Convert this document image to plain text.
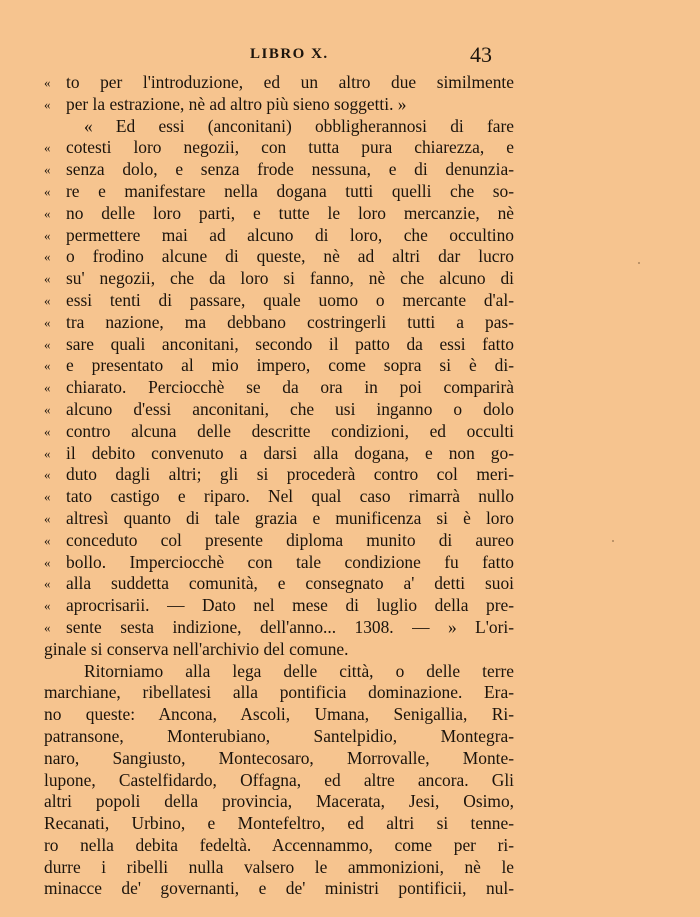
LIBRO X.	43
« to per l'introduzione, ed un altro due similmente
« per la estrazione, nè ad altro più sieno soggetti. »
« Ed essi (anconitani) obbligherannosi di fare
« cotesti loro negozii, con tutta pura chiarezza, e
« senza dolo, e senza frode nessuna, e di denunzia-
« re e manifestare nella dogana tutti quelli che so-
« no delle loro parti, e tutte le loro mercanzie, nè
« permettere mai ad alcuno di loro, che occultino
« o frodino alcune di queste, nè ad altri dar lucro
« su' negozii, che da loro si fanno, nè che alcuno di
« essi tenti di passare, quale uomo o mercante d'al-
« tra nazione, ma debbano costringerli tutti a pas-
« sare quali anconitani, secondo il patto da essi fatto
« e presentato al mio impero, come sopra si è di-
« chiarato. Perciocchè se da ora in poi comparirà
« alcuno d'essi anconitani, che usi inganno o dolo
« contro alcuna delle descritte condizioni, ed occulti
« il debito convenuto a darsi alla dogana, e non go-
« duto dagli altri; gli si procederà contro col meri-
« tato castigo e riparo. Nel qual caso rimarrà nullo
« altresì quanto di tale grazia e munificenza si è loro
« conceduto col presente diploma munito di aureo
« bollo. Imperciocchè con tale condizione fu fatto
« alla suddetta comunità, e consegnato a' detti suoi
« aprocrisarii. — Dato nel mese di luglio della pre-
« sente sesta indizione, dell'anno... 1308. — » L'ori-
ginale si conserva nell'archivio del comune.
Ritorniamo alla lega delle città, o delle terre
marchiane, ribellatesi alla pontificia dominazione. Era-
no queste: Ancona, Ascoli, Umana, Senigallia, Ri-
patransone, Monterubiano, Santelpidio, Montegra-
naro, Sangiusto, Montecosaro, Morrovalle, Monte-
lupone, Castelfidardo, Offagna, ed altre ancora. Gli
altri popoli della provincia, Macerata, Jesi, Osimo,
Recanati, Urbino, e Montefeltro, ed altri si tenne-
ro nella debita fedeltà. Accennammo, come per ri-
durre i ribelli nulla valsero le ammonizioni, nè le
minacce de' governanti, e de' ministri pontificii, nul-
